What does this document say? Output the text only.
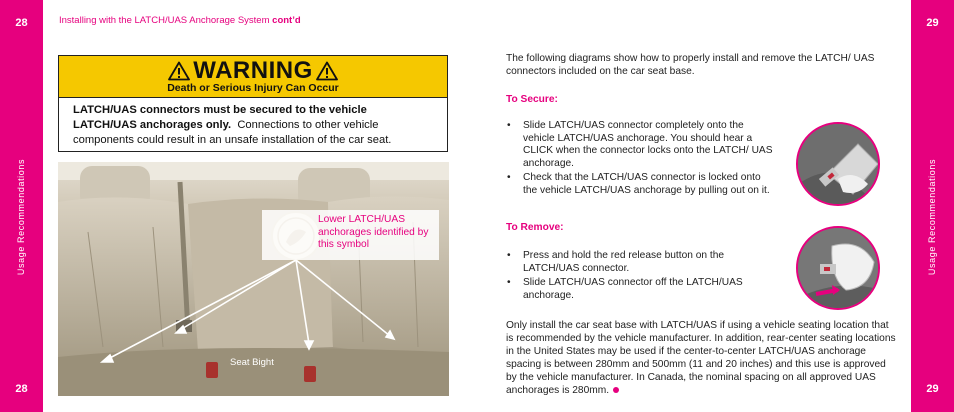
28
Usage Recommendations
28
29
Usage Recommendations
29
Installing with the LATCH/UAS Anchorage System cont’d
WARNING
Death or Serious Injury Can Occur
LATCH/UAS connectors must be secured to the vehicle LATCH/UAS anchorages only. Connections to other vehicle components could result in an unsafe installation of the car seat.
Lower LATCH/UAS anchorages identified by this symbol
Seat Bight
The following diagrams show how to properly install and remove the LATCH/ UAS connectors included on the car seat base.
To Secure:
• Slide LATCH/UAS connector completely onto the vehicle LATCH/UAS anchorage. You should hear a CLICK when the connector locks onto the LATCH/ UAS anchorage.
• Check that the LATCH/UAS connector is locked onto the vehicle LATCH/UAS anchorage by pulling out on it.
To Remove:
• Press and hold the red release button on the LATCH/UAS connector.
• Slide LATCH/UAS connector off the LATCH/UAS anchorage.
Only install the car seat base with LATCH/UAS if using a vehicle seating location that is recommended by the vehicle manufacturer. In addition, rear-center seating locations in the United States may be used if the center-to-center LATCH/UAS anchorage spacing is between 280mm and 500mm (11 and 20 inches) and this use is approved by the vehicle manufacturer. In Canada, the nominal spacing on all approved UAS anchorages is 280mm.
